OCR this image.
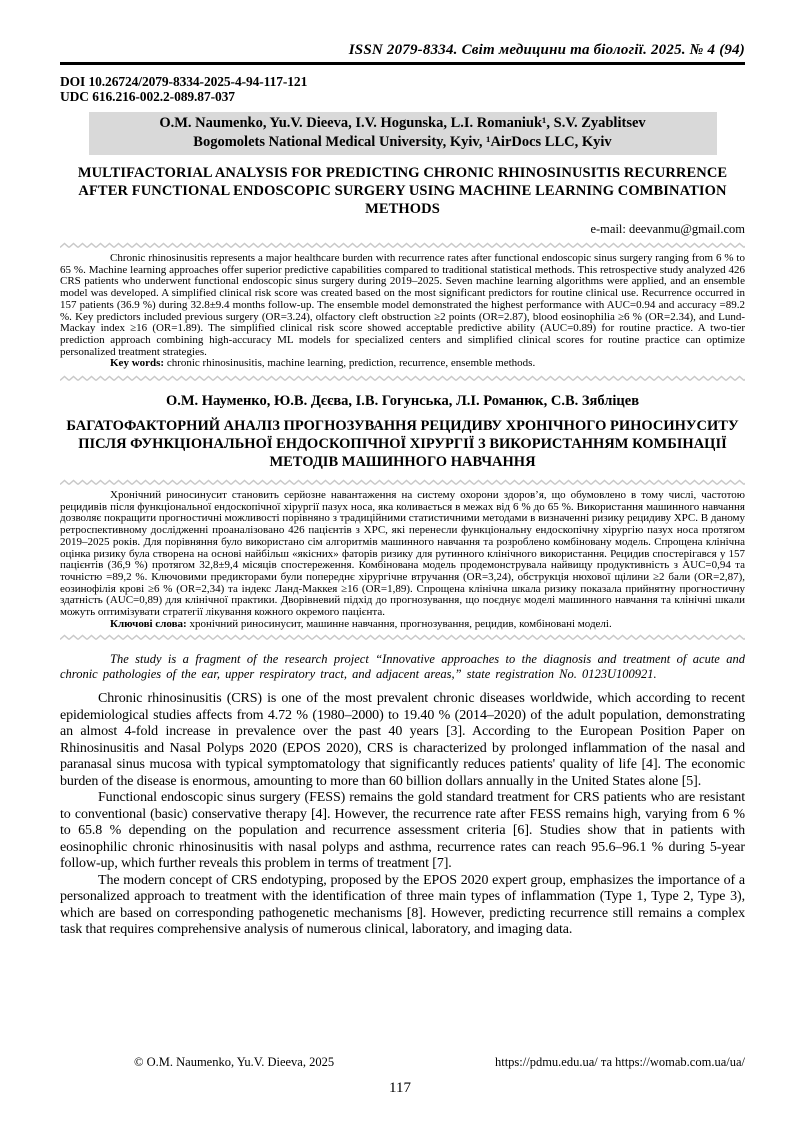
ISSN 2079-8334. Світ медицини та біології. 2025. № 4 (94)
DOI 10.26724/2079-8334-2025-4-94-117-121
UDC 616.216-002.2-089.87-037
O.M. Naumenko, Yu.V. Dieeva, I.V. Hogunska, L.I. Romaniuk¹, S.V. Zyablitsev
Bogomolets National Medical University, Kyiv, ¹AirDocs LLC, Kyiv
MULTIFACTORIAL ANALYSIS FOR PREDICTING CHRONIC RHINOSINUSITIS RECURRENCE AFTER FUNCTIONAL ENDOSCOPIC SURGERY USING MACHINE LEARNING COMBINATION METHODS
e-mail: deevanmu@gmail.com
Chronic rhinosinusitis represents a major healthcare burden with recurrence rates after functional endoscopic sinus surgery ranging from 6 % to 65 %. Machine learning approaches offer superior predictive capabilities compared to traditional statistical methods. This retrospective study analyzed 426 CRS patients who underwent functional endoscopic sinus surgery during 2019–2025. Seven machine learning algorithms were applied, and an ensemble model was developed. A simplified clinical risk score was created based on the most significant predictors for routine clinical use. Recurrence occurred in 157 patients (36.9 %) during 32.8±9.4 months follow-up. The ensemble model demonstrated the highest performance with AUC=0.94 and accuracy =89.2 %. Key predictors included previous surgery (OR=3.24), olfactory cleft obstruction ≥2 points (OR=2.87), blood eosinophilia ≥6 % (OR=2.34), and Lund-Mackay index ≥16 (OR=1.89). The simplified clinical risk score showed acceptable predictive ability (AUC=0.89) for routine practice. A two-tier prediction approach combining high-accuracy ML models for specialized centers and simplified clinical scores for routine practice can optimize personalized treatment strategies.
Key words: chronic rhinosinusitis, machine learning, prediction, recurrence, ensemble methods.
О.М. Науменко, Ю.В. Дєєва, І.В. Гогунська, Л.І. Романюк, С.В. Зябліцев
БАГАТОФАКТОРНИЙ АНАЛІЗ ПРОГНОЗУВАННЯ РЕЦИДИВУ ХРОНІЧНОГО РИНОСИНУСИТУ ПІСЛЯ ФУНКЦІОНАЛЬНОЇ ЕНДОСКОПІЧНОЇ ХІРУРГІЇ З ВИКОРИСТАННЯМ КОМБІНАЦІЇ МЕТОДІВ МАШИННОГО НАВЧАННЯ
Хронічний риносинусит становить серйозне навантаження на систему охорони здоров’я, що обумовлено в тому числі, частотою рецидивів після функціональної ендоскопічної хірургії пазух носа, яка коливається в межах від 6 % до 65 %. Використання машинного навчання дозволяє покращити прогностичні можливості порівняно з традиційними статистичними методами в визначенні ризику рецидиву ХРС. В даному ретроспективному дослідженні проаналізовано 426 пацієнтів з ХРС, які перенесли функціональну ендоскопічну хірургію пазух носа протягом 2019–2025 років. Для порівняння було використано сім алгоритмів машинного навчання та розроблено комбіновану модель. Спрощена клінічна оцінка ризику була створена на основі найбільш «якісних» фаторів ризику для рутинного клінічного використання. Рецидив спостерігався у 157 пацієнтів (36,9 %) протягом 32,8±9,4 місяців спостереження. Комбінована модель продемонструвала найвищу продуктивність з AUC=0,94 та точністю =89,2 %. Ключовими предикторами були попереднє хірургічне втручання (OR=3,24), обструкція нюхової щілини ≥2 бали (OR=2,87), еозинофілія крові ≥6 % (OR=2,34) та індекс Ланд-Маккея ≥16 (OR=1,89). Спрощена клінічна шкала ризику показала прийнятну прогностичну здатність (AUC=0,89) для клінічної практики. Дворівневий підхід до прогнозування, що поєднує моделі машинного навчання та клінічні шкали можуть оптимізувати стратегії лікування кожного окремого пацієнта.
Ключові слова: хронічний риносинусит, машинне навчання, прогнозування, рецидив, комбіновані моделі.
The study is a fragment of the research project “Innovative approaches to the diagnosis and treatment of acute and chronic pathologies of the ear, upper respiratory tract, and adjacent areas,” state registration No. 0123U100921.

Chronic rhinosinusitis (CRS) is one of the most prevalent chronic diseases worldwide, which according to recent epidemiological studies affects from 4.72 % (1980–2000) to 19.40 % (2014–2020) of the adult population, demonstrating an almost 4-fold increase in prevalence over the past 40 years [3]. According to the European Position Paper on Rhinosinusitis and Nasal Polyps 2020 (EPOS 2020), CRS is characterized by prolonged inflammation of the nasal and paranasal sinus mucosa with typical symptomatology that significantly reduces patients' quality of life [4]. The economic burden of the disease is enormous, amounting to more than 60 billion dollars annually in the United States alone [5].

Functional endoscopic sinus surgery (FESS) remains the gold standard treatment for CRS patients who are resistant to conventional (basic) conservative therapy [4]. However, the recurrence rate after FESS remains high, varying from 6 % to 65.8 % depending on the population and recurrence assessment criteria [6]. Studies show that in patients with eosinophilic chronic rhinosinusitis with nasal polyps and asthma, recurrence rates can reach 95.6–96.1 % during 5-year follow-up, which further reveals this problem in terms of treatment [7].

The modern concept of CRS endotyping, proposed by the EPOS 2020 expert group, emphasizes the importance of a personalized approach to treatment with the identification of three main types of inflammation (Type 1, Type 2, Type 3), which are based on corresponding pathogenetic mechanisms [8]. However, predicting recurrence still remains a complex task that requires comprehensive analysis of numerous clinical, laboratory, and imaging data.

© O.M. Naumenko, Yu.V. Dieeva, 2025	https://pdmu.edu.ua/ та https://womab.com.ua/ua/
117
